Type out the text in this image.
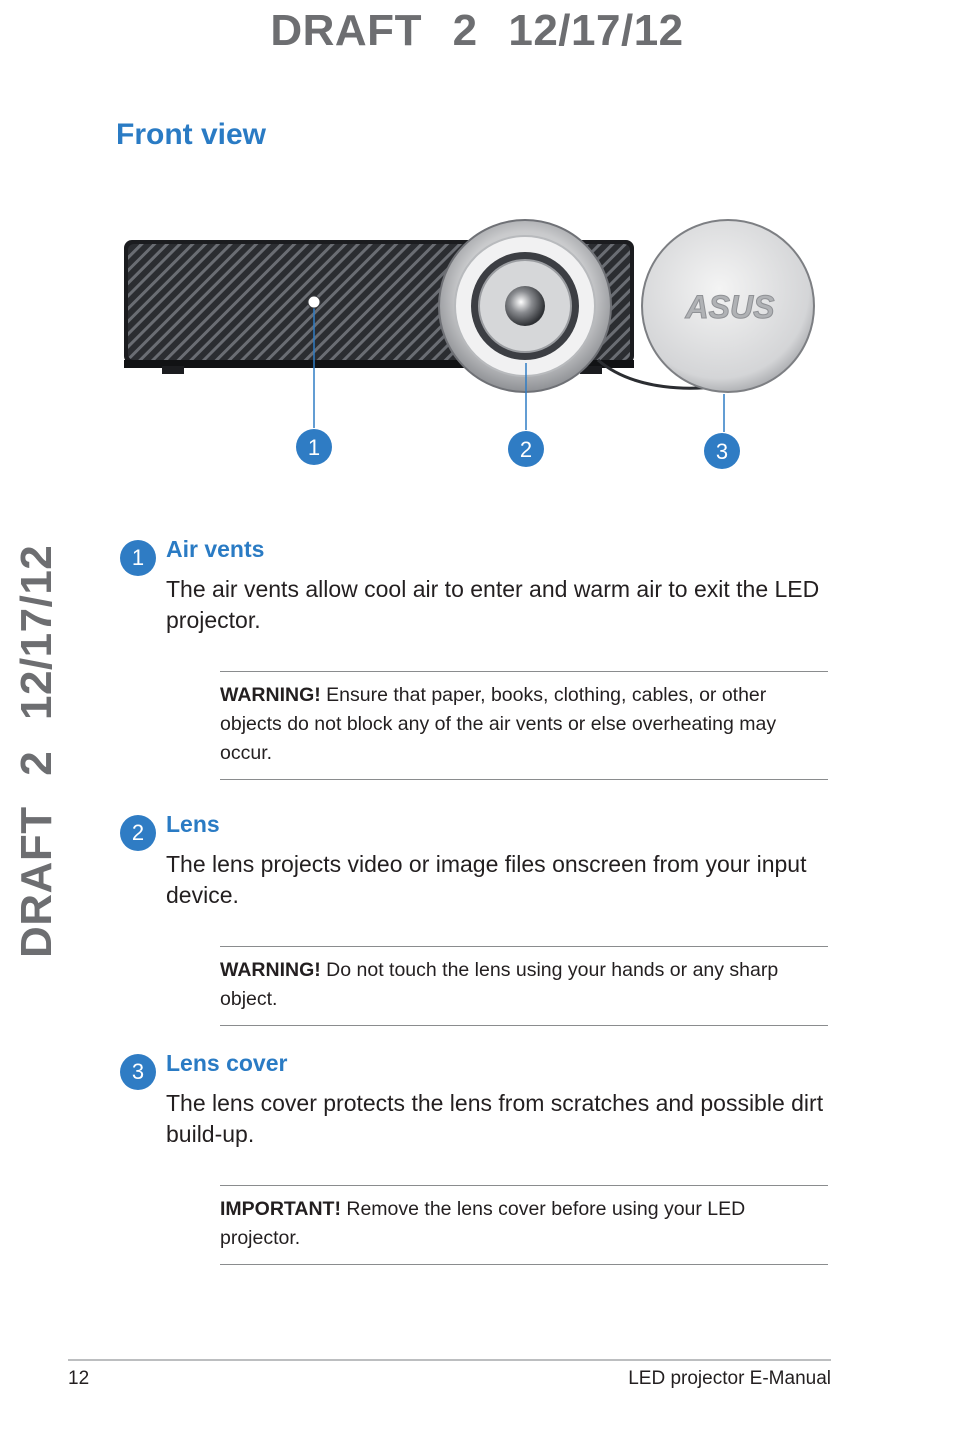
DRAFT 2 12/17/12
DRAFT 2 12/17/12
Front view
ASUS
1	2	3
1 Air vents

The air vents allow cool air to enter and warm air to exit the LED projector.

WARNING! Ensure that paper, books, clothing, cables, or other objects do not block any of the air vents or else overheating may occur.
2 Lens

The lens projects video or image files onscreen from your input device.

WARNING! Do not touch the lens using your hands or any sharp object.
3 Lens cover

The lens cover protects the lens from scratches and possible dirt build-up.

IMPORTANT! Remove the lens cover before using your LED projector.
12	LED projector E-Manual
